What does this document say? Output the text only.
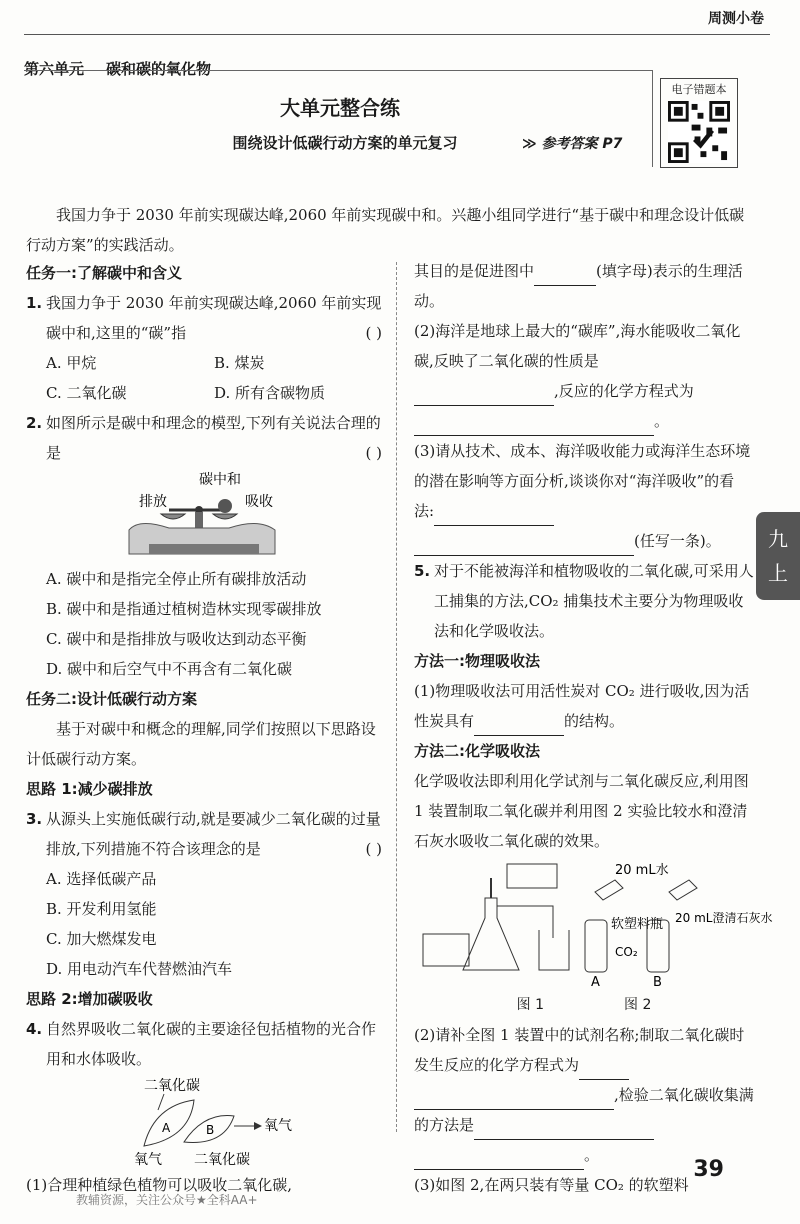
周测小卷
第六单元 碳和碳的氧化物
大单元整合练
围绕设计低碳行动方案的单元复习	≫ 参考答案 P7
电子错题本
我国力争于 2030 年前实现碳达峰,2060 年前实现碳中和。兴趣小组同学进行“基于碳中和理念设计低碳行动方案”的实践活动。
任务一:了解碳中和含义
1. 我国力争于 2030 年前实现碳达峰,2060 年前实现碳中和,这里的“碳”指	( )
A. 甲烷	B. 煤炭
C. 二氧化碳	D. 所有含碳物质
2. 如图所示是碳中和理念的模型,下列有关说法合理的是	( )
碳中和
排放	吸收
A. 碳中和是指完全停止所有碳排放活动
B. 碳中和是指通过植树造林实现零碳排放
C. 碳中和是指排放与吸收达到动态平衡
D. 碳中和后空气中不再含有二氧化碳
任务二:设计低碳行动方案
基于对碳中和概念的理解,同学们按照以下思路设计低碳行动方案。
思路 1:减少碳排放
3. 从源头上实施低碳行动,就是要减少二氧化碳的过量排放,下列措施不符合该理念的是	( )
A. 选择低碳产品
B. 开发利用氢能
C. 加大燃煤发电
D. 用电动汽车代替燃油汽车
思路 2:增加碳吸收
4. 自然界吸收二氧化碳的主要途径包括植物的光合作用和水体吸收。
二氧化碳
A	B	氧气
氧气 二氧化碳
(1)合理种植绿色植物可以吸收二氧化碳,
其目的是促进图中	(填字母)表示的生理活动。
(2)海洋是地球上最大的“碳库”,海水能吸收二氧化碳,反映了二氧化碳的性质是
,反应的化学方程式为
。
(3)请从技术、成本、海洋吸收能力或海洋生态环境的潜在影响等方面分析,谈谈你对“海洋吸收”的看法:
(任写一条)。
5. 对于不能被海洋和植物吸收的二氧化碳,可采用人工捕集的方法,CO₂ 捕集技术主要分为物理吸收法和化学吸收法。
方法一:物理吸收法
(1)物理吸收法可用活性炭对 CO₂ 进行吸收,因为活性炭具有	的结构。
方法二:化学吸收法
化学吸收法即利用化学试剂与二氧化碳反应,利用图 1 装置制取二氧化碳并利用图 2 实验比较水和澄清石灰水吸收二氧化碳的效果。
20 mL水
软塑料瓶
CO₂
20 mL澄清石灰水
A	B
图 1	图 2
(2)请补全图 1 装置中的试剂名称;制取二氧化碳时发生反应的化学方程式为
,检验二氧化碳收集满的方法是
。
(3)如图 2,在两只装有等量 CO₂ 的软塑料
九
上
39
教辅资源，关注公众号★全科AA+
